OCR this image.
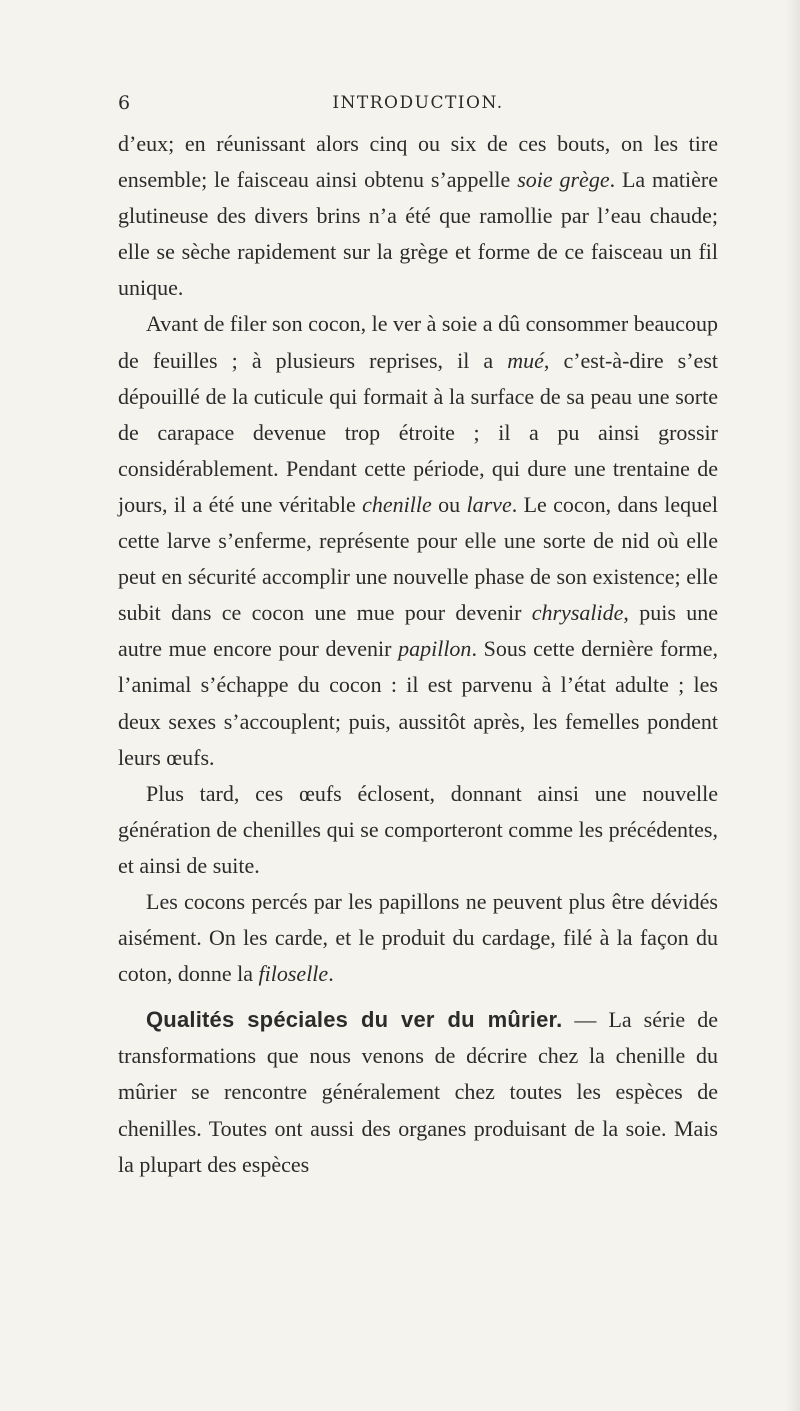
6	INTRODUCTION.

d’eux; en réunissant alors cinq ou six de ces bouts, on les tire ensemble; le faisceau ainsi obtenu s’appelle soie grège. La matière glutineuse des divers brins n’a été que ramollie par l’eau chaude; elle se sèche rapidement sur la grège et forme de ce faisceau un fil unique.

Avant de filer son cocon, le ver à soie a dû consommer beaucoup de feuilles ; à plusieurs reprises, il a mué, c’est-à-dire s’est dépouillé de la cuticule qui formait à la surface de sa peau une sorte de carapace devenue trop étroite ; il a pu ainsi grossir considérablement. Pendant cette période, qui dure une trentaine de jours, il a été une véritable chenille ou larve. Le cocon, dans lequel cette larve s’enferme, représente pour elle une sorte de nid où elle peut en sécurité accomplir une nouvelle phase de son existence; elle subit dans ce cocon une mue pour devenir chrysalide, puis une autre mue encore pour devenir papillon. Sous cette dernière forme, l’animal s’échappe du cocon : il est parvenu à l’état adulte ; les deux sexes s’accouplent; puis, aussitôt après, les femelles pondent leurs œufs.

Plus tard, ces œufs éclosent, donnant ainsi une nouvelle génération de chenilles qui se comporteront comme les précédentes, et ainsi de suite.

Les cocons percés par les papillons ne peuvent plus être dévidés aisément. On les carde, et le produit du cardage, filé à la façon du coton, donne la filoselle.

Qualités spéciales du ver du mûrier. — La série de transformations que nous venons de décrire chez la chenille du mûrier se rencontre généralement chez toutes les espèces de chenilles. Toutes ont aussi des organes produisant de la soie. Mais la plupart des espèces
